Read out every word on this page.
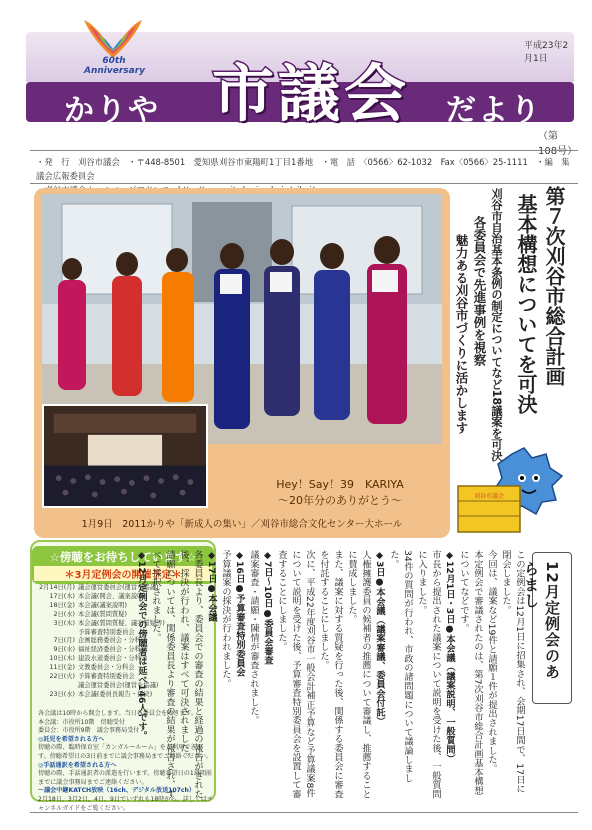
60th Anniversary
かりや 市議会 だより
平成23年2月1日
（第108号）
・発　行　刈谷市議会　・〒448-8501　愛知県刈谷市東陽町1丁目1番地　・電　話　〈0566〉62-1032　Fax〈0566〉25-1111　・編　集　議会広報委員会
Hey！Say！39　KARIYA
～20年分のありがとう～
1月9日　2011かりや「新成人の集い」／刈谷市総合文化センター大ホール
第７次刈谷市総合計画
基本構想についてを可決
刈谷市自治基本条例の制定についてなど18議案を可決
各委員会で先進事例を視察
魅力ある刈谷市づくりに活かします
刈谷市議会
☆傍聴をお待ちしています☆
＊3月定例会の開催予定＊
2月14日(月) 議会運営委員会(運営を協議)
17日(木) 本会議(開会、議案説明)
18日(金) 本会議(議案説明)
2日(水) 本会議(質問質疑)
3日(木) 本会議(質問質疑、議案質疑等)
予算審査特別委員会
7日(月) 企画総務委員会・分科会
9日(水) 福祉経済委員会・分科会
10日(木) 建設水道委員会・分科会
11日(金) 文教委員会・分科会
22日(火) 予算審査特別委員会
議会運営委員会(運営を協議)
23日(水) 本会議(委員長報告・採決)
各会議は10時から開会します。当日各委員会を除きます。
本会議：市役所10階　傍聴受付
委員会：市役所9階　議会事務局受付
◎託児を希望される方へ
傍聴の際、臨時保育室「カンガルールーム」をご利用できます。傍聴希望日の3日前までに議会事務局までご連絡ください。
◎手話通訳を希望される方へ
傍聴の際、手話通訳者の派遣を行います。傍聴希望日の1週間前までに議会事務局までご連絡ください。
～議会中継KATCH放映（16ch、デジタル放送107ch）
2月18日、3月2日、4日、9日でいずれも18時から。詳しくはチャンネルガイドをご覧ください。
12月定例会のあらまし

この定例会は12月1日に招集され、会期17日間で、17日に閉会しました。

今回は、議案など19件と請願１件が提出されました。

本定例会で審議されたのは、第7次刈谷市総合計画基本構想についてなどです。

◆12月1日・3日●本会議（議案説明、一般質問）

市長から提出された議案について説明を受けた後、一般質問に入りました。

34件の質問が行われ、市政の諸問題について議論しました。

◆3日●本会議（議案審議、委員会付託）

人権擁護委員の候補者の推薦について審議し、推薦することに賛成しました。

また、議案に対する質疑を行った後、関係する委員会に審査を付託することにしました。

次に、平成22年度刈谷市一般会計補正予算など予算議案8件について説明を受けた後、予算審査特別委員会を設置して審査することにしました。

◆7日～10日●委員会審査

議案審査・請願・陳情が審査されました。

◆16日●予算審査特別委員会

予算議案の採決が行われました。

◆17日●本会議

各委員長より、委員会での審査の結果と経過の報告がされた後、採決が行われ、議案はすべて可決されました。

請願については、関係委員長より審査の結果が報告され、すべて採択されました。

◆12月定例会での傍聴者は延べ146人です。
